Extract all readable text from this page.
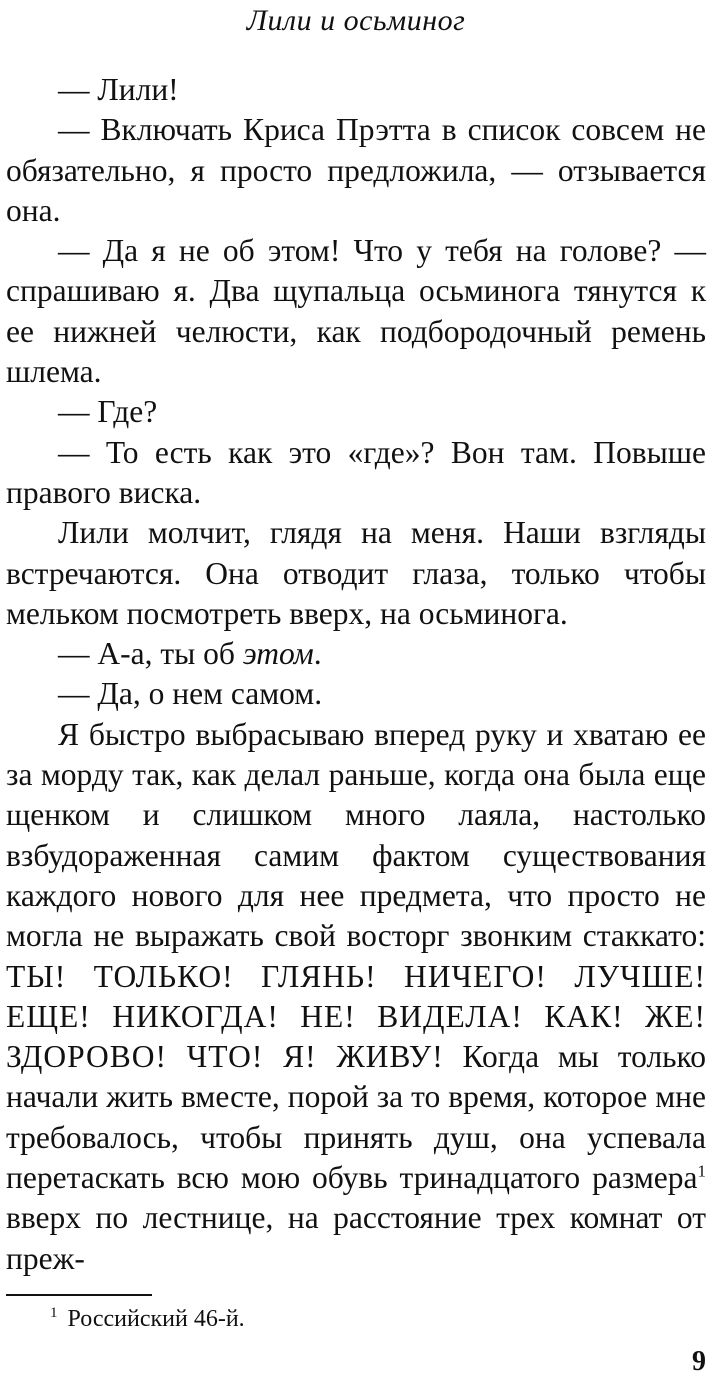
Лили и осьминог

— Лили!

— Включать Криса Прэтта в список совсем не обязательно, я просто предложила, — отзывается она.

— Да я не об этом! Что у тебя на голове? — спрашиваю я. Два щупальца осьминога тянутся к ее нижней челюсти, как подбородочный ремень шлема.

— Где?

— То есть как это «где»? Вон там. Повыше правого виска.

Лили молчит, глядя на меня. Наши взгляды встречаются. Она отводит глаза, только чтобы мельком посмотреть вверх, на осьминога.

— А-а, ты об этом.

— Да, о нем самом.

Я быстро выбрасываю вперед руку и хватаю ее за морду так, как делал раньше, когда она была еще щенком и слишком много лаяла, настолько взбудораженная самим фактом существования каждого нового для нее предмета, что просто не могла не выражать свой восторг звонким стаккато: ТЫ! ТОЛЬКО! ГЛЯНЬ! НИЧЕГО! ЛУЧШЕ! ЕЩЕ! НИКОГДА! НЕ! ВИДЕЛА! КАК! ЖЕ! ЗДОРОВО! ЧТО! Я! ЖИВУ! Когда мы только начали жить вместе, порой за то время, которое мне требовалось, чтобы принять душ, она успевала перетаскать всю мою обувь тринадцатого размера$^1$ вверх по лестнице, на расстояние трех комнат от преж-

$^1$ Российский 46-й.
9
